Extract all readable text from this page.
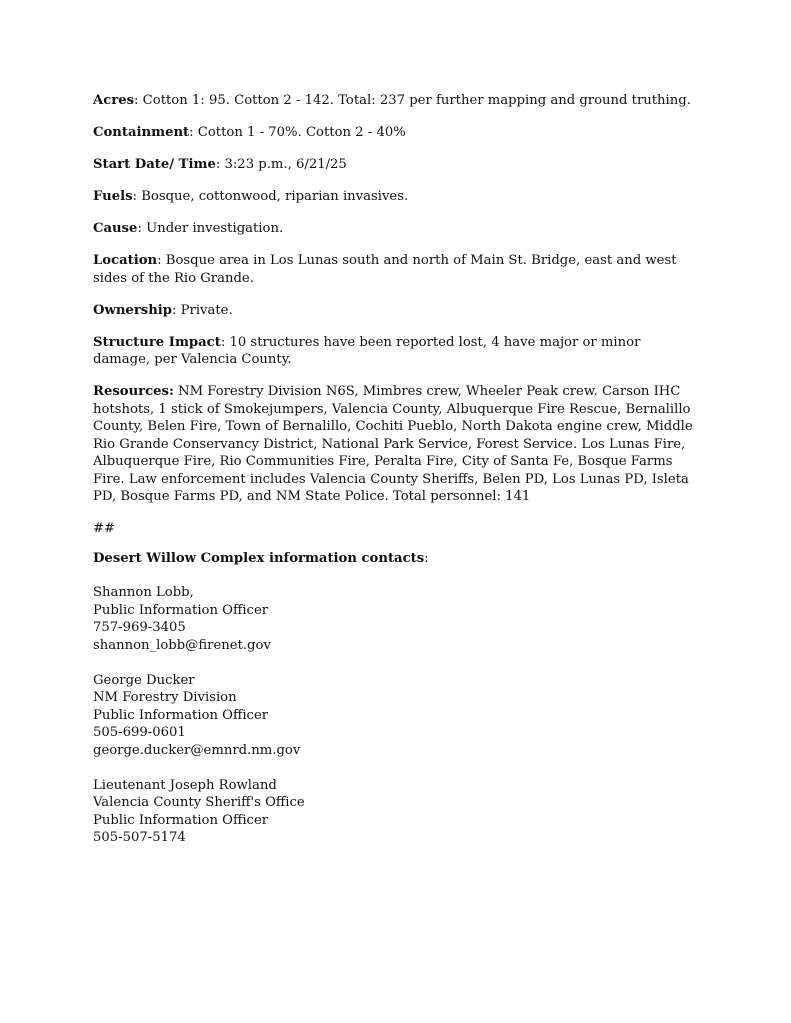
Acres: Cotton 1: 95. Cotton 2 - 142. Total: 237 per further mapping and ground truthing.

Containment: Cotton 1 - 70%. Cotton 2 - 40%

Start Date/ Time: 3:23 p.m., 6/21/25

Fuels: Bosque, cottonwood, riparian invasives.

Cause: Under investigation.

Location: Bosque area in Los Lunas south and north of Main St. Bridge, east and west sides of the Rio Grande.

Ownership: Private.

Structure Impact: 10 structures have been reported lost, 4 have major or minor damage, per Valencia County.

Resources: NM Forestry Division N6S, Mimbres crew, Wheeler Peak crew. Carson IHC hotshots, 1 stick of Smokejumpers, Valencia County, Albuquerque Fire Rescue, Bernalillo County, Belen Fire, Town of Bernalillo, Cochiti Pueblo, North Dakota engine crew, Middle Rio Grande Conservancy District, National Park Service, Forest Service. Los Lunas Fire, Albuquerque Fire, Rio Communities Fire, Peralta Fire, City of Santa Fe, Bosque Farms Fire. Law enforcement includes Valencia County Sheriffs, Belen PD, Los Lunas PD, Isleta PD, Bosque Farms PD, and NM State Police. Total personnel: 141

##

Desert Willow Complex information contacts:

Shannon Lobb,
Public Information Officer
757-969-3405
shannon_lobb@firenet.gov
George Ducker
NM Forestry Division
Public Information Officer
505-699-0601
george.ducker@emnrd.nm.gov
Lieutenant Joseph Rowland
Valencia County Sheriff's Office
Public Information Officer
505-507-5174
